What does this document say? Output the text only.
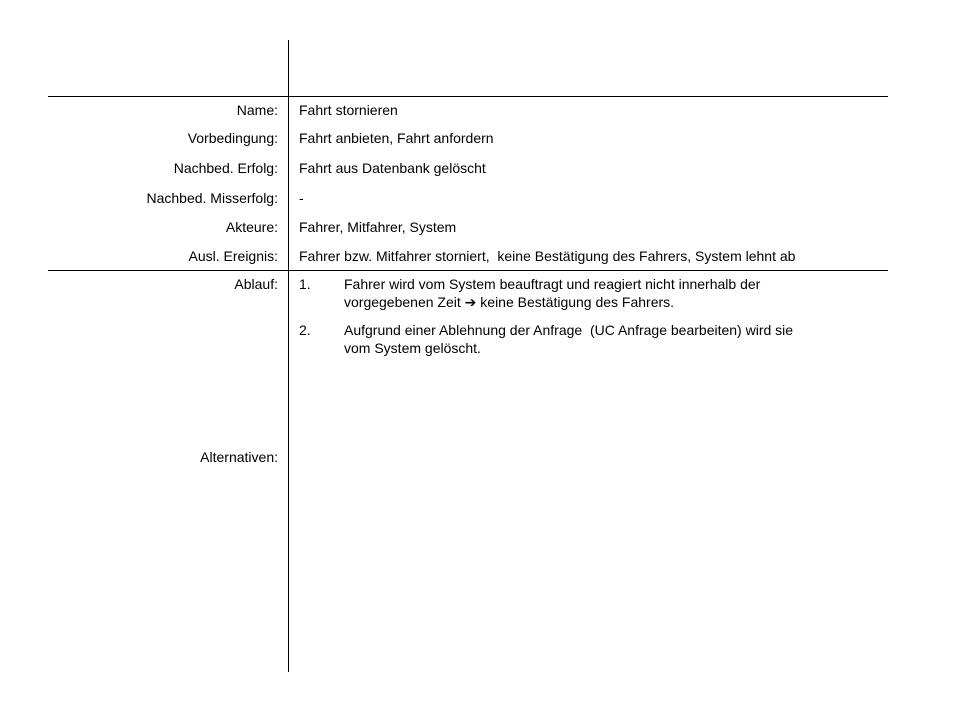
Name:
Vorbedingung:
Nachbed. Erfolg:
Nachbed. Misserfolg:
Akteure:
Ausl. Ereignis:
Ablauf:
Alternativen:
Fahrt stornieren
Fahrt anbieten, Fahrt anfordern
Fahrt aus Datenbank gelöscht
-
Fahrer, Mitfahrer, System
Fahrer bzw. Mitfahrer storniert,  keine Bestätigung des Fahrers, System lehnt ab
1. Fahrer wird vom System beauftragt und reagiert nicht innerhalb der
vorgegebenen Zeit ➔ keine Bestätigung des Fahrers.
2. Aufgrund einer Ablehnung der Anfrage  (UC Anfrage bearbeiten) wird sie
vom System gelöscht.
